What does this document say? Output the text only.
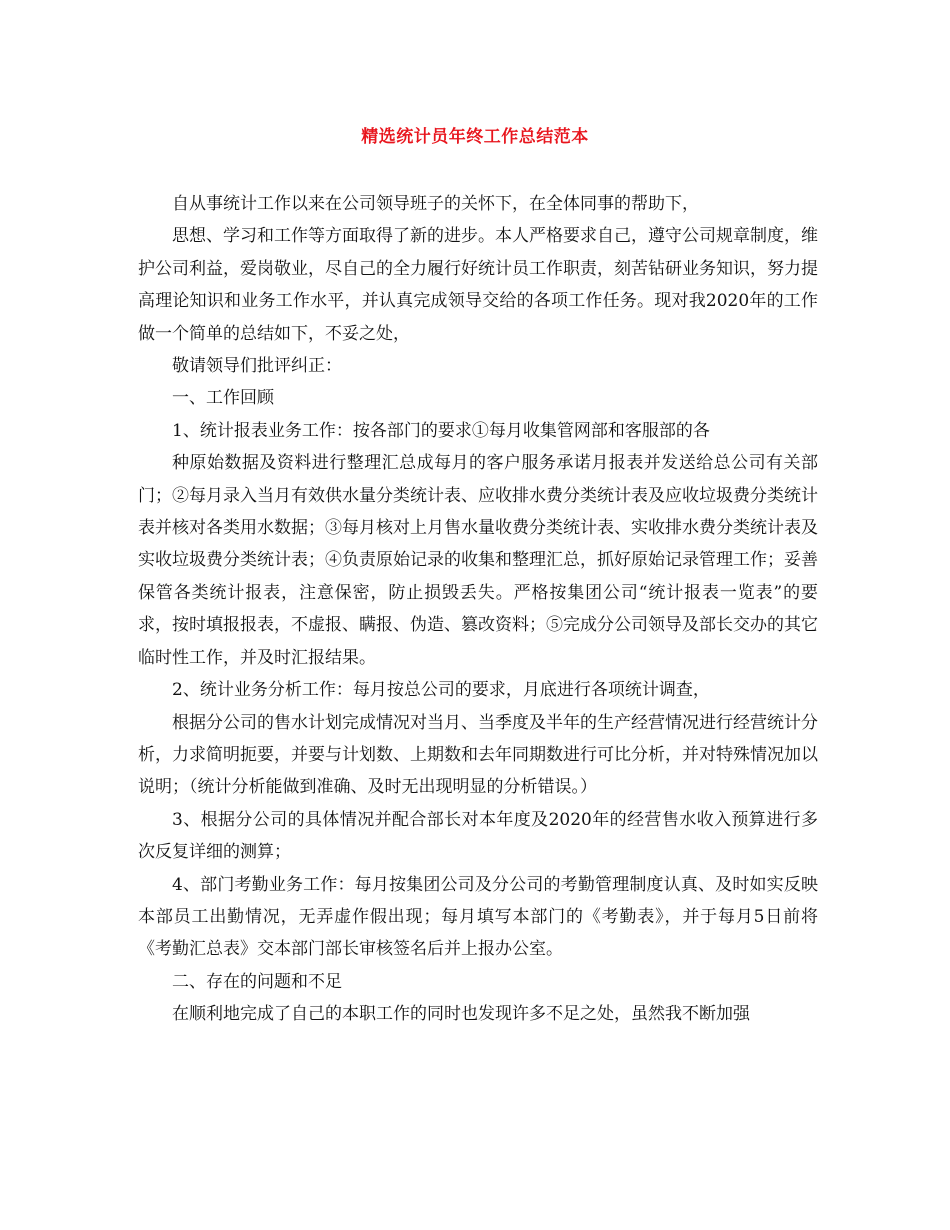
精选统计员年终工作总结范本

自从事统计工作以来在公司领导班子的关怀下，在全体同事的帮助下，

思想、学习和工作等方面取得了新的进步。本人严格要求自己，遵守公司规章制度，维护公司利益，爱岗敬业，尽自己的全力履行好统计员工作职责，刻苦钻研业务知识，努力提高理论知识和业务工作水平，并认真完成领导交给的各项工作任务。现对我2020年的工作做一个简单的总结如下，不妥之处，

敬请领导们批评纠正：

一、工作回顾

1、统计报表业务工作：按各部门的要求①每月收集管网部和客服部的各

种原始数据及资料进行整理汇总成每月的客户服务承诺月报表并发送给总公司有关部门；②每月录入当月有效供水量分类统计表、应收排水费分类统计表及应收垃圾费分类统计表并核对各类用水数据；③每月核对上月售水量收费分类统计表、实收排水费分类统计表及实收垃圾费分类统计表；④负责原始记录的收集和整理汇总，抓好原始记录管理工作；妥善保管各类统计报表，注意保密，防止损毁丢失。严格按集团公司“统计报表一览表”的要求，按时填报报表，不虚报、瞒报、伪造、篡改资料；⑤完成分公司领导及部长交办的其它临时性工作，并及时汇报结果。

2、统计业务分析工作：每月按总公司的要求，月底进行各项统计调查，

根据分公司的售水计划完成情况对当月、当季度及半年的生产经营情况进行经营统计分析，力求简明扼要，并要与计划数、上期数和去年同期数进行可比分析，并对特殊情况加以说明；（统计分析能做到准确、及时无出现明显的分析错误。）

3、根据分公司的具体情况并配合部长对本年度及2020年的经营售水收入预算进行多次反复详细的测算；

4、部门考勤业务工作：每月按集团公司及分公司的考勤管理制度认真、及时如实反映本部员工出勤情况，无弄虚作假出现；每月填写本部门的《考勤表》，并于每月5日前将《考勤汇总表》交本部门部长审核签名后并上报办公室。

二、存在的问题和不足

在顺利地完成了自己的本职工作的同时也发现许多不足之处，虽然我不断加强
